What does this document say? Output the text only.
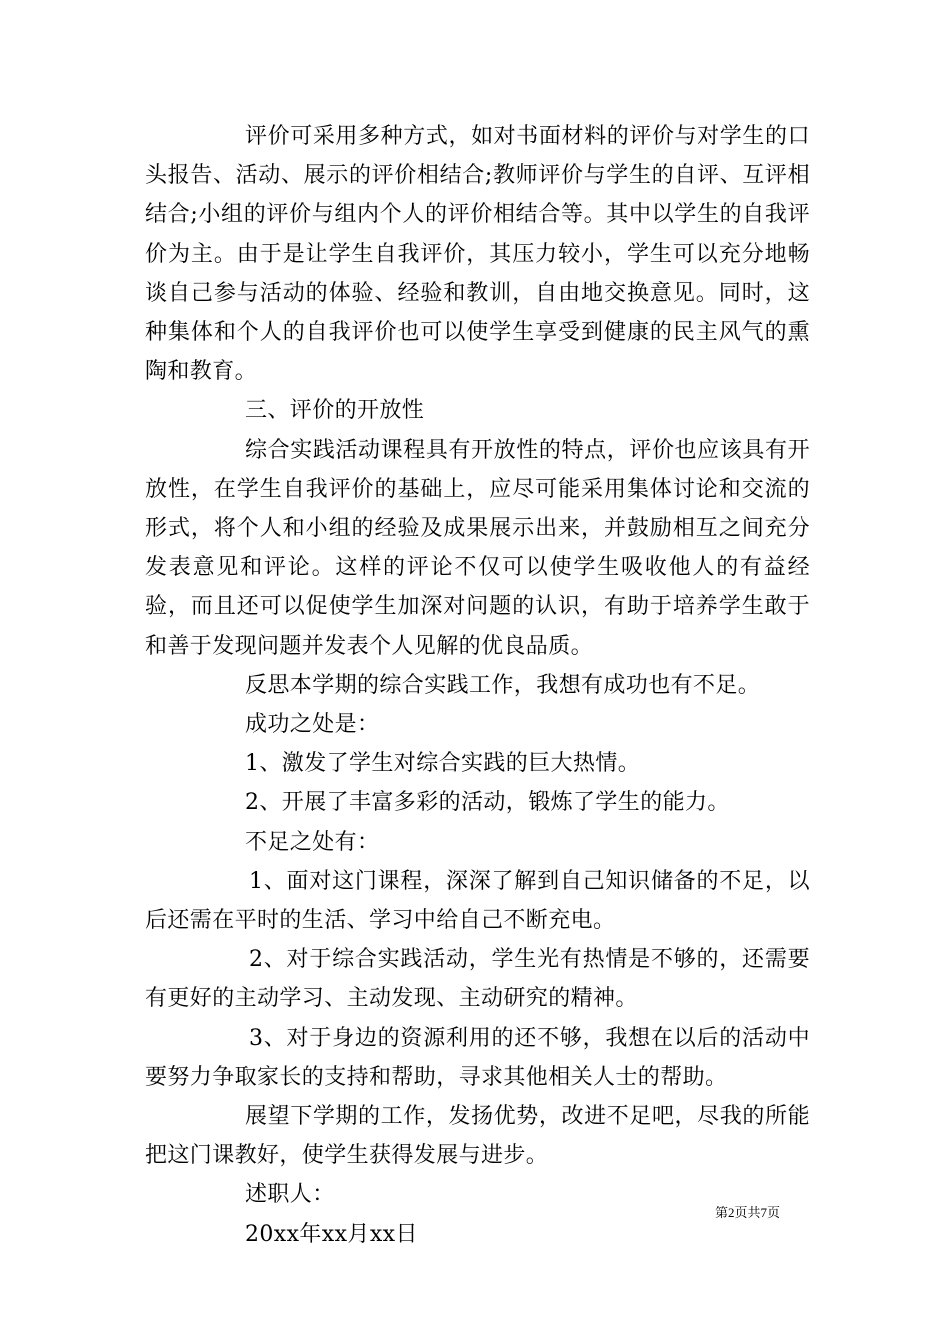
评价可采用多种方式，如对书面材料的评价与对学生的口头报告、活动、展示的评价相结合;教师评价与学生的自评、互评相结合;小组的评价与组内个人的评价相结合等。其中以学生的自我评价为主。由于是让学生自我评价，其压力较小，学生可以充分地畅谈自己参与活动的体验、经验和教训，自由地交换意见。同时，这种集体和个人的自我评价也可以使学生享受到健康的民主风气的熏陶和教育。

三、评价的开放性

综合实践活动课程具有开放性的特点，评价也应该具有开放性，在学生自我评价的基础上，应尽可能采用集体讨论和交流的形式，将个人和小组的经验及成果展示出来，并鼓励相互之间充分发表意见和评论。这样的评论不仅可以使学生吸收他人的有益经验，而且还可以促使学生加深对问题的认识，有助于培养学生敢于和善于发现问题并发表个人见解的优良品质。

反思本学期的综合实践工作，我想有成功也有不足。

成功之处是：

1、激发了学生对综合实践的巨大热情。

2、开展了丰富多彩的活动，锻炼了学生的能力。

不足之处有：

1、面对这门课程，深深了解到自己知识储备的不足，以后还需在平时的生活、学习中给自己不断充电。

2、对于综合实践活动，学生光有热情是不够的，还需要有更好的主动学习、主动发现、主动研究的精神。

3、对于身边的资源利用的还不够，我想在以后的活动中要努力争取家长的支持和帮助，寻求其他相关人士的帮助。

展望下学期的工作，发扬优势，改进不足吧，尽我的所能把这门课教好，使学生获得发展与进步。

述职人：

20xx年xx月xx日

第2页共7页
